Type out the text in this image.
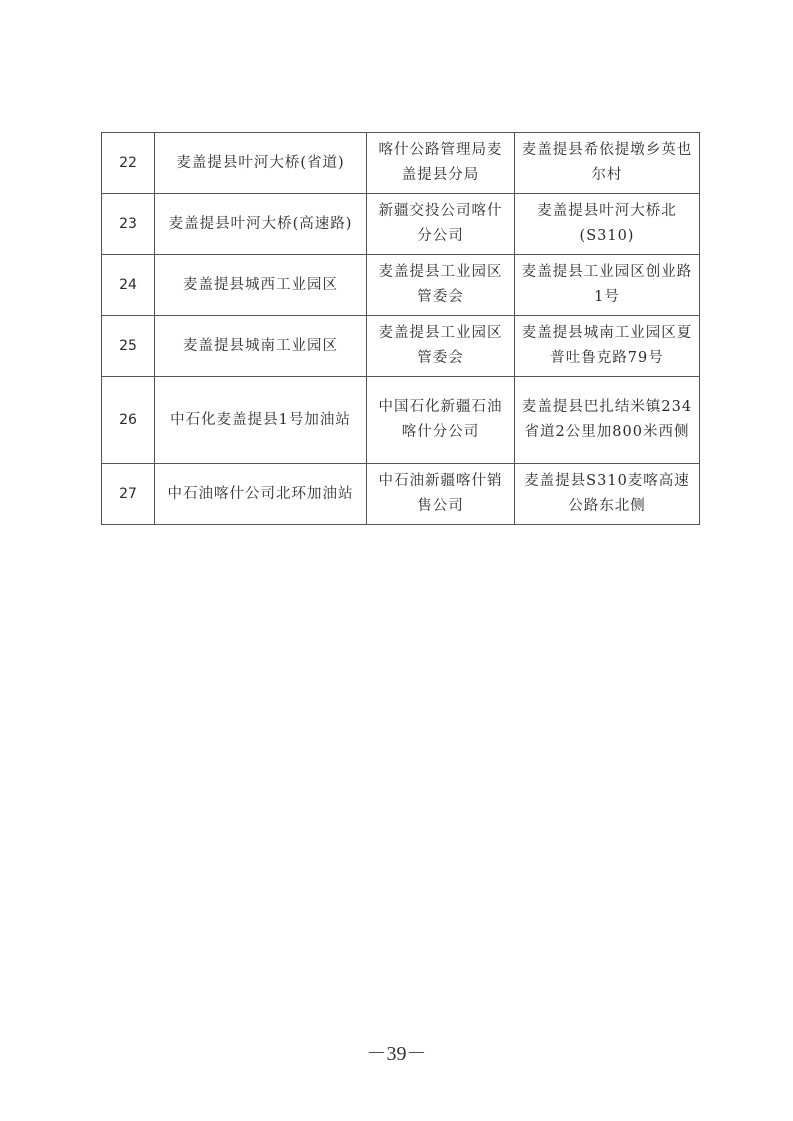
22	麦盖提县叶河大桥(省道)	喀什公路管理局麦盖提县分局	麦盖提县希依提墩乡英也尔村
23	麦盖提县叶河大桥(高速路)	新疆交投公司喀什分公司	麦盖提县叶河大桥北(S310)
24	麦盖提县城西工业园区	麦盖提县工业园区管委会	麦盖提县工业园区创业路1号
25	麦盖提县城南工业园区	麦盖提县工业园区管委会	麦盖提县城南工业园区夏普吐鲁克路79号
26	中石化麦盖提县1号加油站	中国石化新疆石油喀什分公司	麦盖提县巴扎结米镇234省道2公里加800米西侧
27	中石油喀什公司北环加油站	中石油新疆喀什销售公司	麦盖提县S310麦喀高速公路东北侧
－39－
